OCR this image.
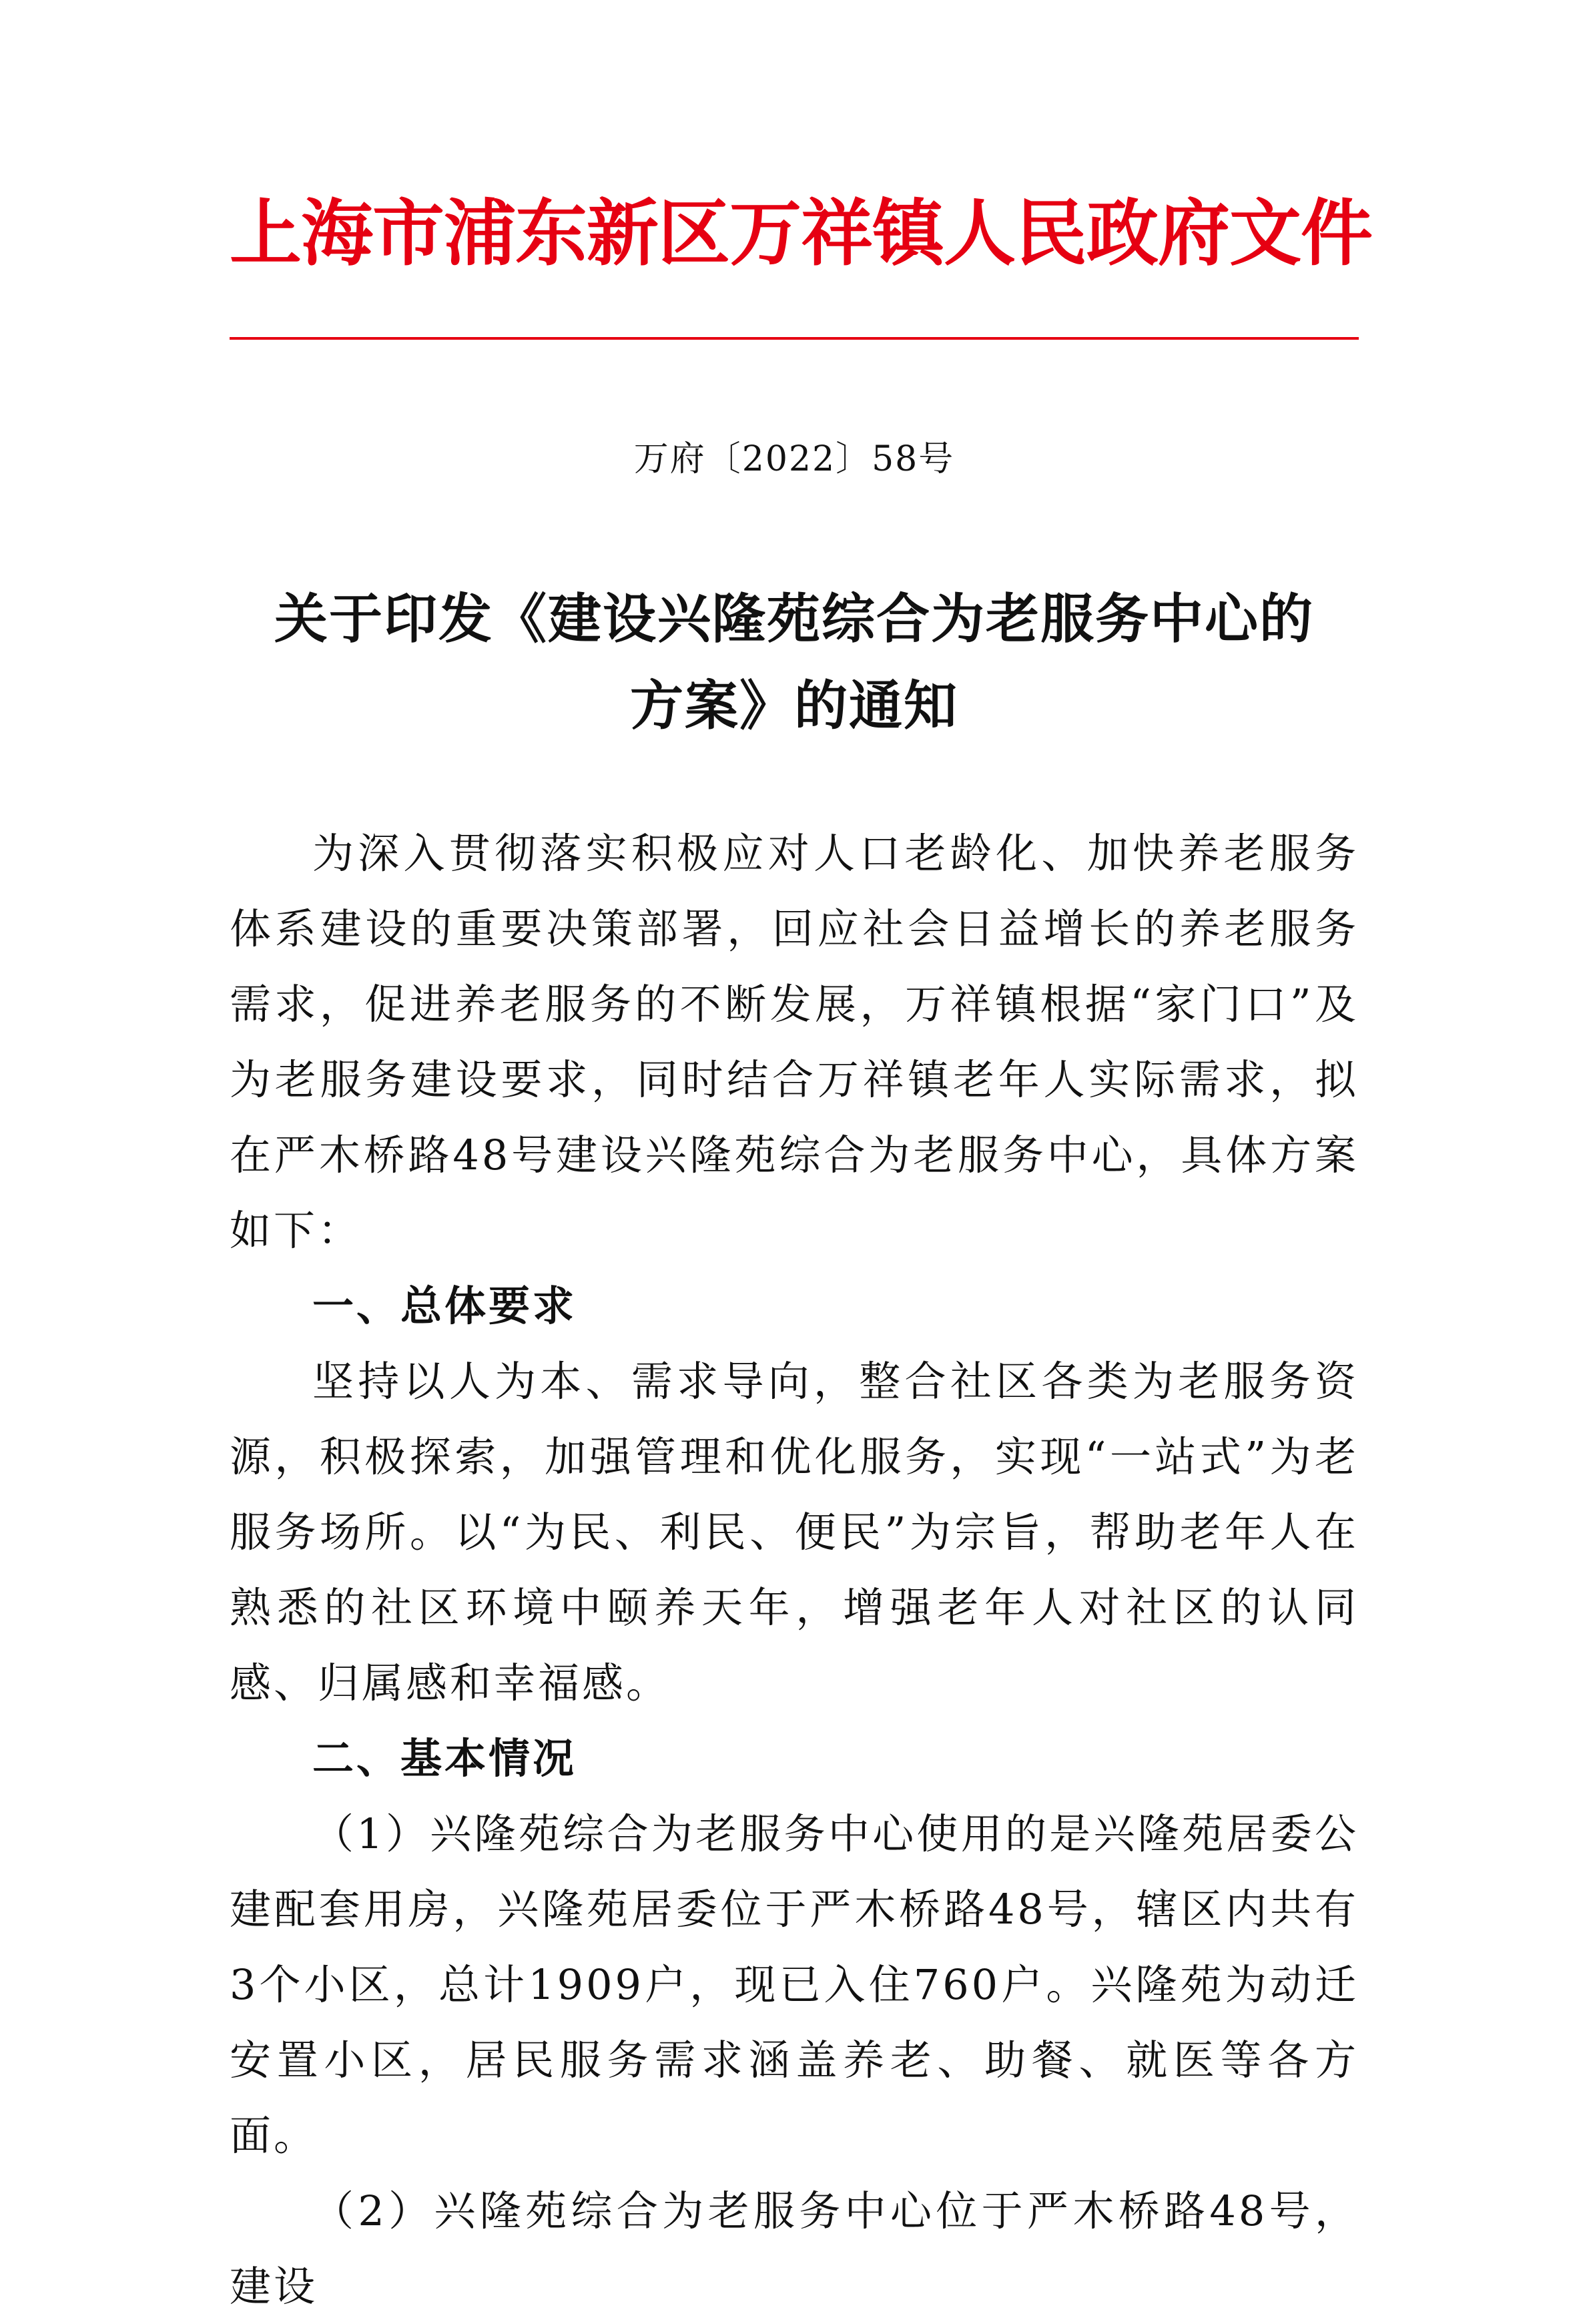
上海市浦东新区万祥镇人民政府文件
万府〔2022〕58号
关于印发《建设兴隆苑综合为老服务中心的
方案》的通知

为深入贯彻落实积极应对人口老龄化、加快养老服务体系建设的重要决策部署，回应社会日益增长的养老服务需求，促进养老服务的不断发展，万祥镇根据“家门口”及为老服务建设要求，同时结合万祥镇老年人实际需求，拟在严木桥路48号建设兴隆苑综合为老服务中心，具体方案如下：

一、总体要求

坚持以人为本、需求导向，整合社区各类为老服务资源，积极探索，加强管理和优化服务，实现“一站式”为老服务场所。以“为民、利民、便民”为宗旨，帮助老年人在熟悉的社区环境中颐养天年，增强老年人对社区的认同感、归属感和幸福感。

二、基本情况

（1）兴隆苑综合为老服务中心使用的是兴隆苑居委公建配套用房，兴隆苑居委位于严木桥路48号，辖区内共有3个小区，总计1909户，现已入住760户。兴隆苑为动迁安置小区，居民服务需求涵盖养老、助餐、就医等各方面。

（2）兴隆苑综合为老服务中心位于严木桥路48号，建设
